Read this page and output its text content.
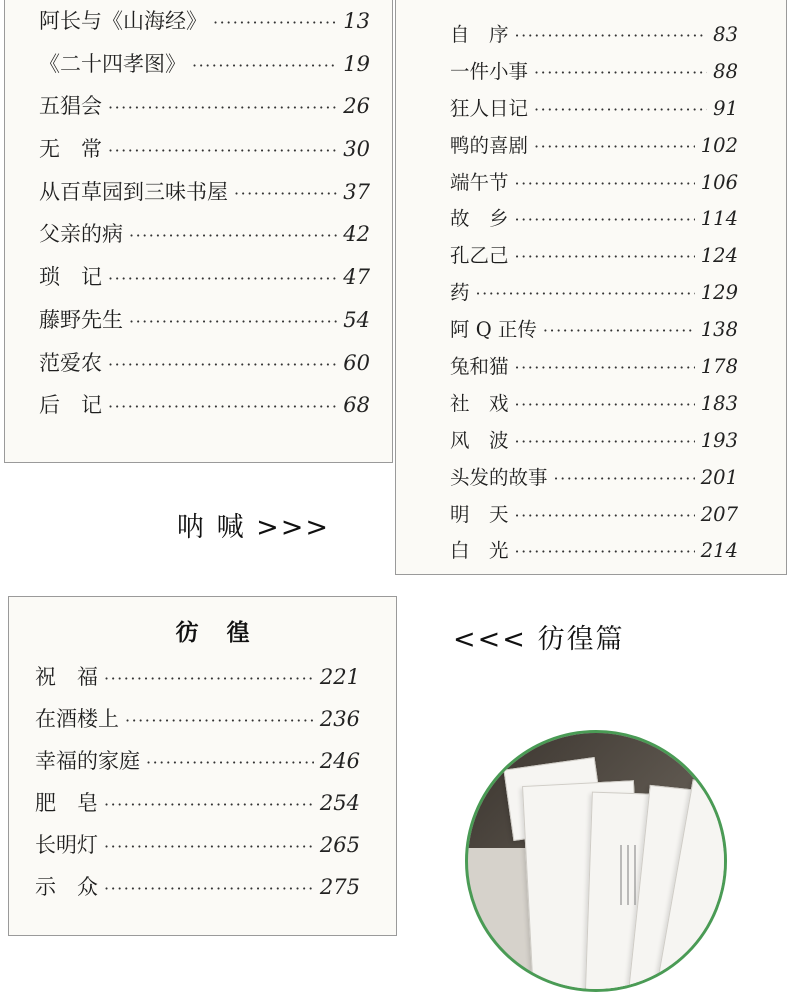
阿长与《山海经》 ·····	13
《二十四孝图》 ·····	19
五猖会 ·····	26
无　常 ·····	30
从百草园到三味书屋 ·····	37
父亲的病 ·····	42
琐　记 ·····	47
藤野先生 ·····	54
范爱农 ·····	60
后　记 ·····	68
自　序 ·····	83
一件小事 ·····	88
狂人日记 ·····	91
鸭的喜剧 ·····	102
端午节 ·····	106
故　乡 ·····	114
孔乙己 ·····	124
药 ·····	129
阿 Q 正传 ·····	138
兔和猫 ·····	178
社　戏 ·····	183
风　波 ·····	193
头发的故事 ·····	201
明　天 ·····	207
白　光 ·····	214
呐 喊 >>>
彷 徨
祝　福 ·····	221
在酒楼上 ·····	236
幸福的家庭 ·····	246
肥　皂 ·····	254
长明灯 ·····	265
示　众 ·····	275
<<< 彷徨篇
